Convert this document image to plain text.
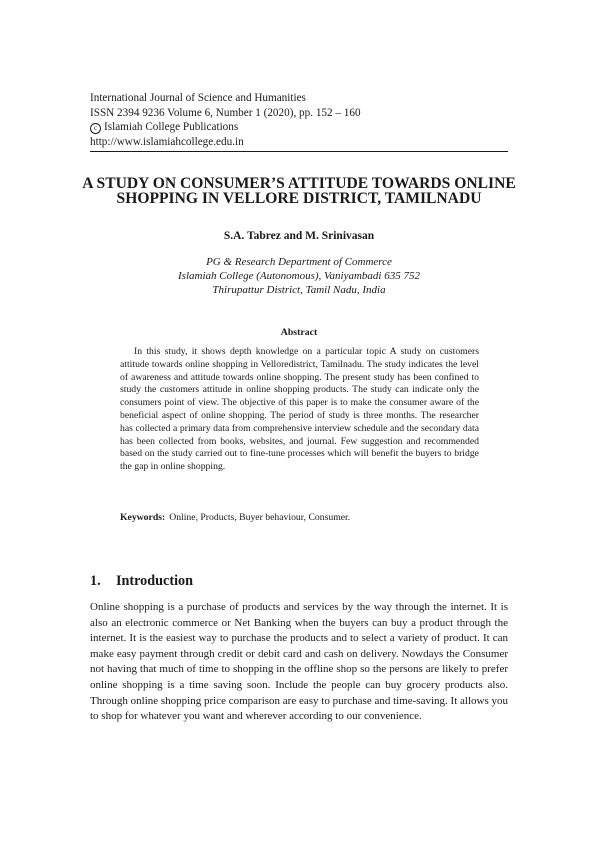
International Journal of Science and Humanities
ISSN 2394 9236 Volume 6, Number 1 (2020), pp. 152 – 160
c Islamiah College Publications
http://www.islamiahcollege.edu.in
A STUDY ON CONSUMER’S ATTITUDE TOWARDS ONLINE SHOPPING IN VELLORE DISTRICT, TAMILNADU

S.A. Tabrez and M. Srinivasan

PG & Research Department of Commerce
Islamiah College (Autonomous), Vaniyambadi 635 752
Thirupattur District, Tamil Nadu, India

Abstract

In this study, it shows depth knowledge on a particular topic A study on customers attitude towards online shopping in Velloredistrict, Tamilnadu. The study indicates the level of awareness and attitude towards online shopping. The present study has been confined to study the customers attitude in online shopping products. The study can indicate only the consumers point of view. The objective of this paper is to make the consumer aware of the beneficial aspect of online shopping. The period of study is three months. The researcher has collected a primary data from comprehensive interview schedule and the secondary data has been collected from books, websites, and journal. Few suggestion and recommended based on the study carried out to fine-tune processes which will benefit the buyers to bridge the gap in online shopping.

Keywords: Online, Products, Buyer behaviour, Consumer.

1. Introduction

Online shopping is a purchase of products and services by the way through the internet. It is also an electronic commerce or Net Banking when the buyers can buy a product through the internet. It is the easiest way to purchase the products and to select a variety of product. It can make easy payment through credit or debit card and cash on delivery. Nowdays the Consumer not having that much of time to shopping in the offline shop so the persons are likely to prefer online shopping is a time saving soon. Include the people can buy grocery products also. Through online shopping price comparison are easy to purchase and time-saving. It allows you to shop for whatever you want and wherever according to our convenience.
